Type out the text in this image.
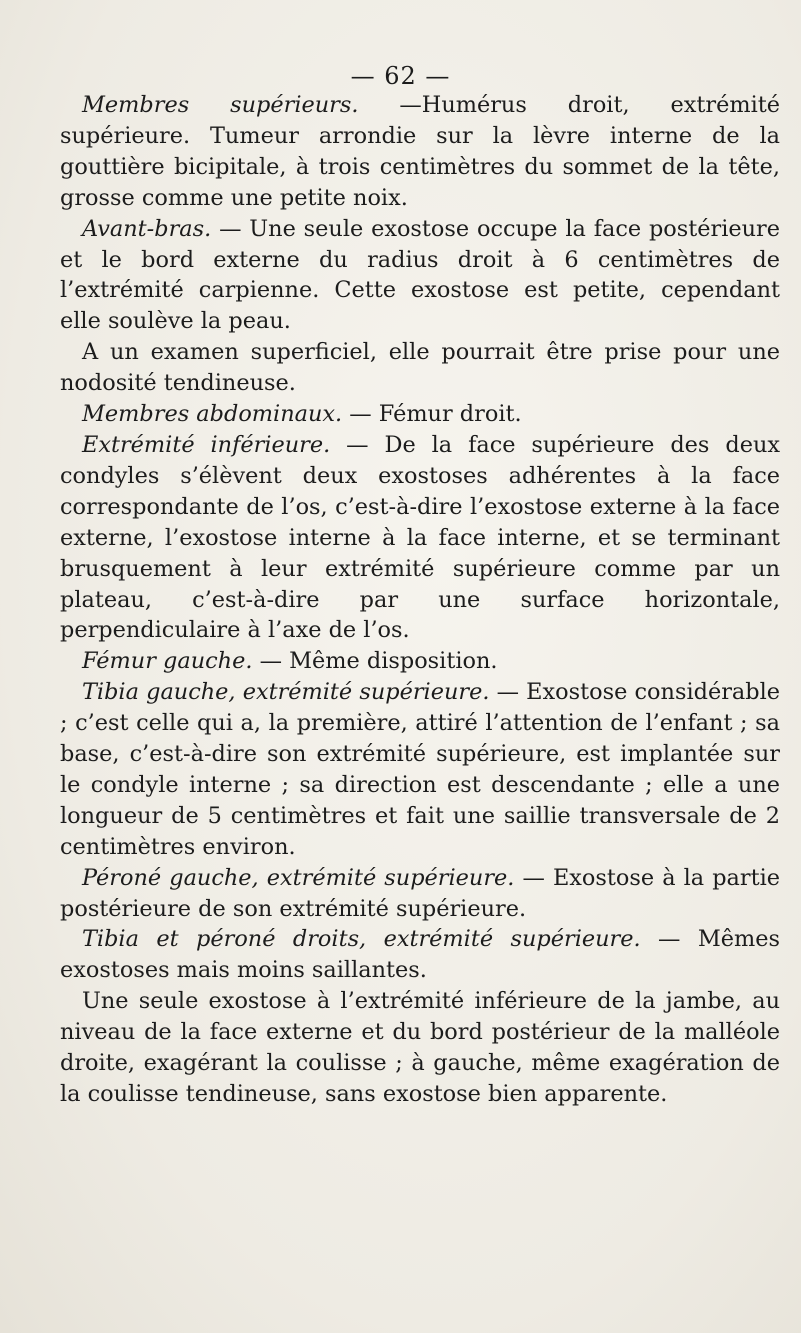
— 62 —

Membres supérieurs. —Humérus droit, extrémité supérieure. Tumeur arrondie sur la lèvre interne de la gouttière bicipitale, à trois centimètres du sommet de la tête, grosse comme une petite noix.

Avant-bras. — Une seule exostose occupe la face postérieure et le bord externe du radius droit à 6 centimètres de l’extrémité carpienne. Cette exostose est petite, cependant elle soulève la peau.

A un examen superficiel, elle pourrait être prise pour une nodosité tendineuse.

Membres abdominaux. — Fémur droit.

Extrémité inférieure. — De la face supérieure des deux condyles s’élèvent deux exostoses adhérentes à la face correspondante de l’os, c’est-à-dire l’exostose externe à la face externe, l’exostose interne à la face interne, et se terminant brusquement à leur extrémité supérieure comme par un plateau, c’est-à-dire par une surface horizontale, perpendiculaire à l’axe de l’os.

Fémur gauche. — Même disposition.

Tibia gauche, extrémité supérieure. — Exostose considérable ; c’est celle qui a, la première, attiré l’attention de l’enfant ; sa base, c’est-à-dire son extrémité supérieure, est implantée sur le condyle interne ; sa direction est descendante ; elle a une longueur de 5 centimètres et fait une saillie transversale de 2 centimètres environ.

Péroné gauche, extrémité supérieure. — Exostose à la partie postérieure de son extrémité supérieure.

Tibia et péroné droits, extrémité supérieure. — Mêmes exostoses mais moins saillantes.

Une seule exostose à l’extrémité inférieure de la jambe, au niveau de la face externe et du bord postérieur de la malléole droite, exagérant la coulisse ; à gauche, même exagération de la coulisse tendineuse, sans exostose bien apparente.
